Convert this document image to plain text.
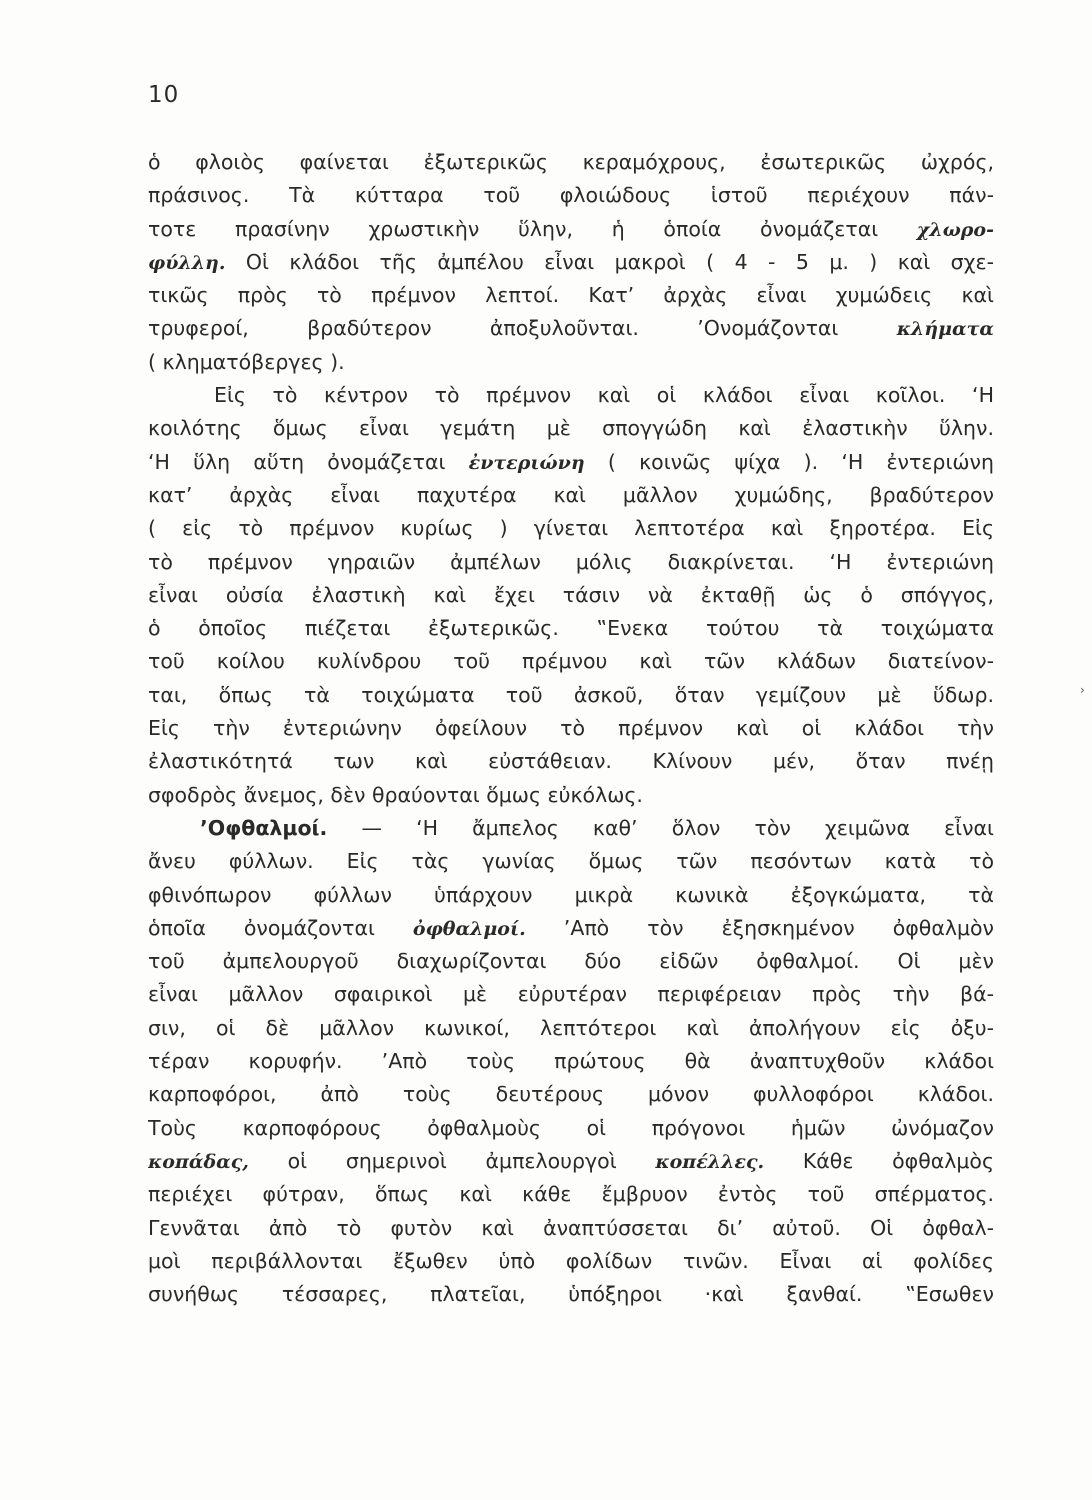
10
ὁ φλοιὸς φαίνεται ἐξωτερικῶς κεραμόχρους, ἐσωτερικῶς ὠχρός,
πράσινος. Τὰ κύτταρα τοῦ φλοιώδους ἱστοῦ περιέχουν πάν-
τοτε πρασίνην χρωστικὴν ὕλην, ἡ ὁποία ὀνομάζεται χλωρο-
φύλλη. Οἱ κλάδοι τῆς ἀμπέλου εἶναι μακροὶ ( 4 - 5 μ. ) καὶ σχε-
τικῶς πρὸς τὸ πρέμνον λεπτοί. Κατ’ ἀρχὰς εἶναι χυμώδεις καὶ
τρυφεροί, βραδύτερον ἀποξυλοῦνται. ’Ονομάζονται κλήματα
( κληματόβεργες ).
Εἰς τὸ κέντρον τὸ πρέμνον καὶ οἱ κλάδοι εἶναι κοῖλοι. ‘Η
κοιλότης ὅμως εἶναι γεμάτη μὲ σπογγώδη καὶ ἐλαστικὴν ὕλην.
‘Η ὕλη αὕτη ὀνομάζεται ἐντεριώνη ( κοινῶς ψίχα ). ‘Η ἐντεριώνη
κατ’ ἀρχὰς εἶναι παχυτέρα καὶ μᾶλλον χυμώδης, βραδύτερον
( εἰς τὸ πρέμνον κυρίως ) γίνεται λεπτοτέρα καὶ ξηροτέρα. Εἰς
τὸ πρέμνον γηραιῶν ἀμπέλων μόλις διακρίνεται. ‘Η ἐντεριώνη
εἶναι οὐσία ἐλαστικὴ καὶ ἔχει τάσιν νὰ ἐκταθῇ ὡς ὁ σπόγγος,
ὁ ὁποῖος πιέζεται ἐξωτερικῶς. ‟Ενεκα τούτου τὰ τοιχώματα
τοῦ κοίλου κυλίνδρου τοῦ πρέμνου καὶ τῶν κλάδων διατείνον-
ται, ὅπως τὰ τοιχώματα τοῦ ἀσκοῦ, ὅταν γεμίζουν μὲ ὕδωρ.
Εἰς τὴν ἐντεριώνην ὀφείλουν τὸ πρέμνον καὶ οἱ κλάδοι τὴν
ἐλαστικότητά των καὶ εὐστάθειαν. Κλίνουν μέν, ὅταν πνέῃ
σφοδρὸς ἄνεμος, δὲν θραύονται ὅμως εὐκόλως.
’Οφθαλμοί. — ‘Η ἄμπελος καθ’ ὅλον τὸν χειμῶνα εἶναι
ἄνευ φύλλων. Εἰς τὰς γωνίας ὅμως τῶν πεσόντων κατὰ τὸ
φθινόπωρον φύλλων ὑπάρχουν μικρὰ κωνικὰ ἐξογκώματα, τὰ
ὁποῖα ὀνομάζονται ὀφθαλμοί. ’Απὸ τὸν ἐξησκημένον ὀφθαλμὸν
τοῦ ἀμπελουργοῦ διαχωρίζονται δύο εἰδῶν ὀφθαλμοί. Οἱ μὲν
εἶναι μᾶλλον σφαιρικοὶ μὲ εὐρυτέραν περιφέρειαν πρὸς τὴν βά-
σιν, οἱ δὲ μᾶλλον κωνικοί, λεπτότεροι καὶ ἀπολήγουν εἰς ὀξυ-
τέραν κορυφήν. ’Απὸ τοὺς πρώτους θὰ ἀναπτυχθοῦν κλάδοι
καρποφόροι, ἀπὸ τοὺς δευτέρους μόνον φυλλοφόροι κλάδοι.
Τοὺς καρποφόρους ὀφθαλμοὺς οἱ πρόγονοι ἡμῶν ὠνόμαζον
κοπάδας, οἱ σημερινοὶ ἀμπελουργοὶ κοπέλλες. Κάθε ὀφθαλμὸς
περιέχει φύτραν, ὅπως καὶ κάθε ἔμβρυον ἐντὸς τοῦ σπέρματος.
Γεννᾶται ἀπὸ τὸ φυτὸν καὶ ἀναπτύσσεται δι’ αὐτοῦ. Οἱ ὀφθαλ-
μοὶ περιβάλλονται ἔξωθεν ὑπὸ φολίδων τινῶν. Εἶναι αἱ φολίδες
συνήθως τέσσαρες, πλατεῖαι, ὑπόξηροι ·καὶ ξανθαί. ‟Εσωθεν
›
